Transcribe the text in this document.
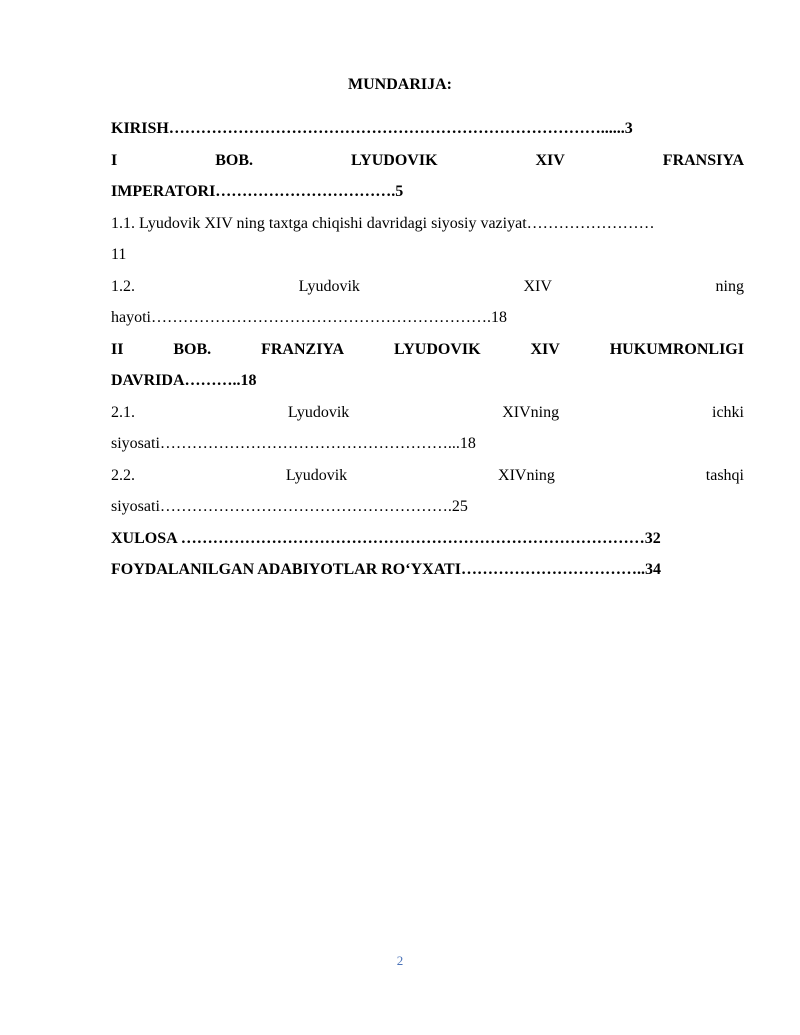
MUNDARIJA:
KIRISH………………………………………………………………………......3
I	BOB.	LYUDOVIK	XIV	FRANSIYA
IMPERATORI…………………………….5
1.1. Lyudovik XIV ning taxtga chiqishi davridagi siyosiy vaziyat……………………
11
1.2.	Lyudovik	XIV	ning
hayoti……………………………………………………….18
II	BOB.	FRANZIYA	LYUDOVIK	XIV	HUKUMRONLIGI
DAVRIDA………..18
2.1.	Lyudovik	XIVning	ichki
siyosati………………………………………………...18
2.2.	Lyudovik	XIVning	tashqi
siyosati……………………………………………….25
XULOSA ……………………………………………………………………………32
FOYDALANILGAN ADABIYOTLAR ROʻYXATI……………………………..34
2
